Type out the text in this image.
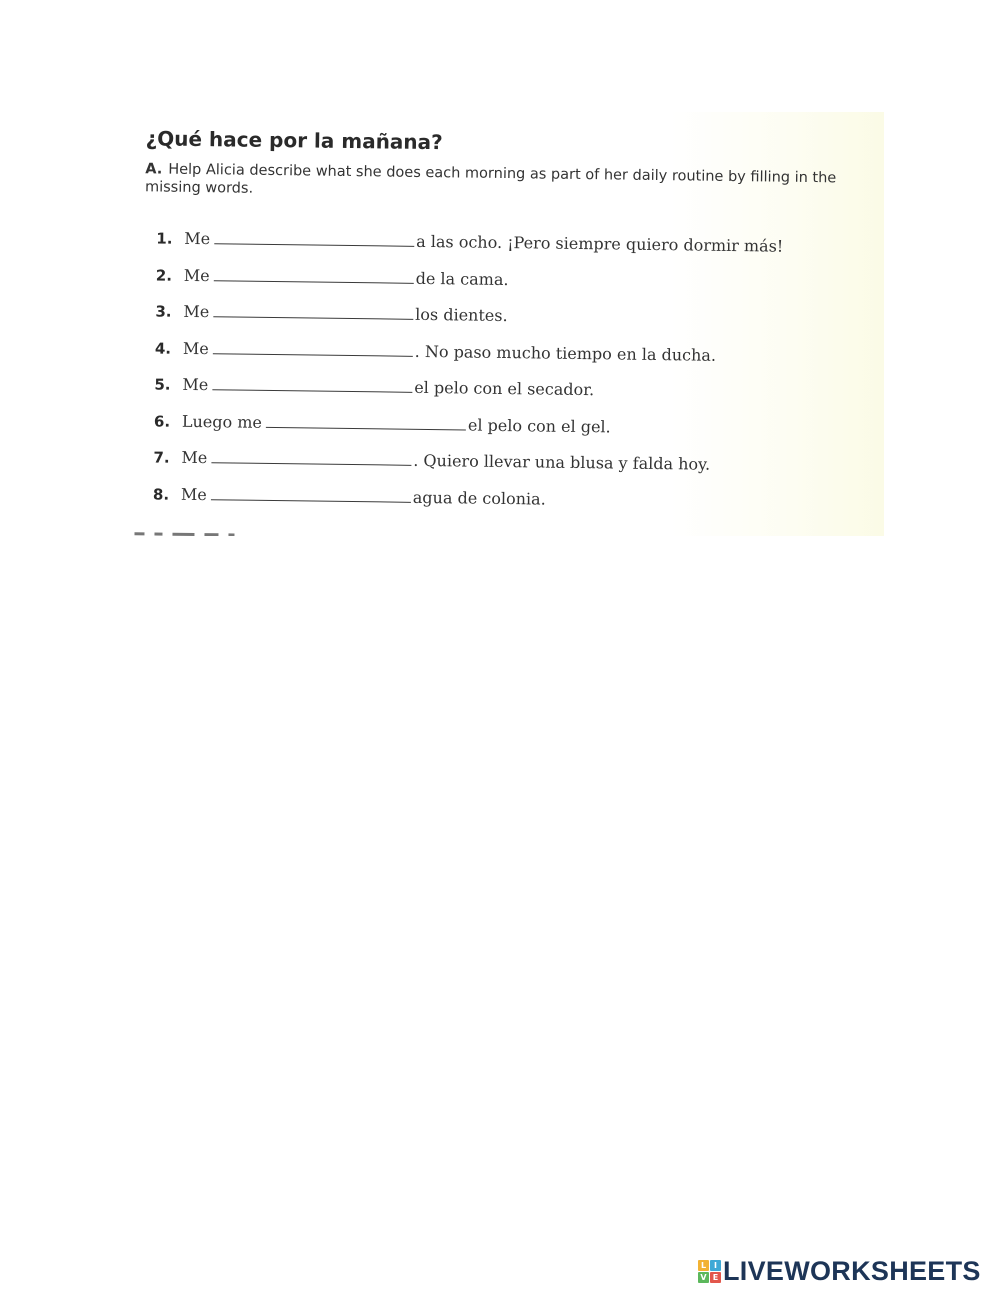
¿Qué hace por la mañana?
A. Help Alicia describe what she does each morning as part of her daily routine by filling in the missing words.
1. Me	a las ocho. ¡Pero siempre quiero dormir más!
2. Me	de la cama.
3. Me	los dientes.
4. Me	. No paso mucho tiempo en la ducha.
5. Me	el pelo con el secador.
6. Luego me	el pelo con el gel.
7. Me	. Quiero llevar una blusa y falda hoy.
8. Me	agua de colonia.
L I
V E LIVEWORKSHEETS
